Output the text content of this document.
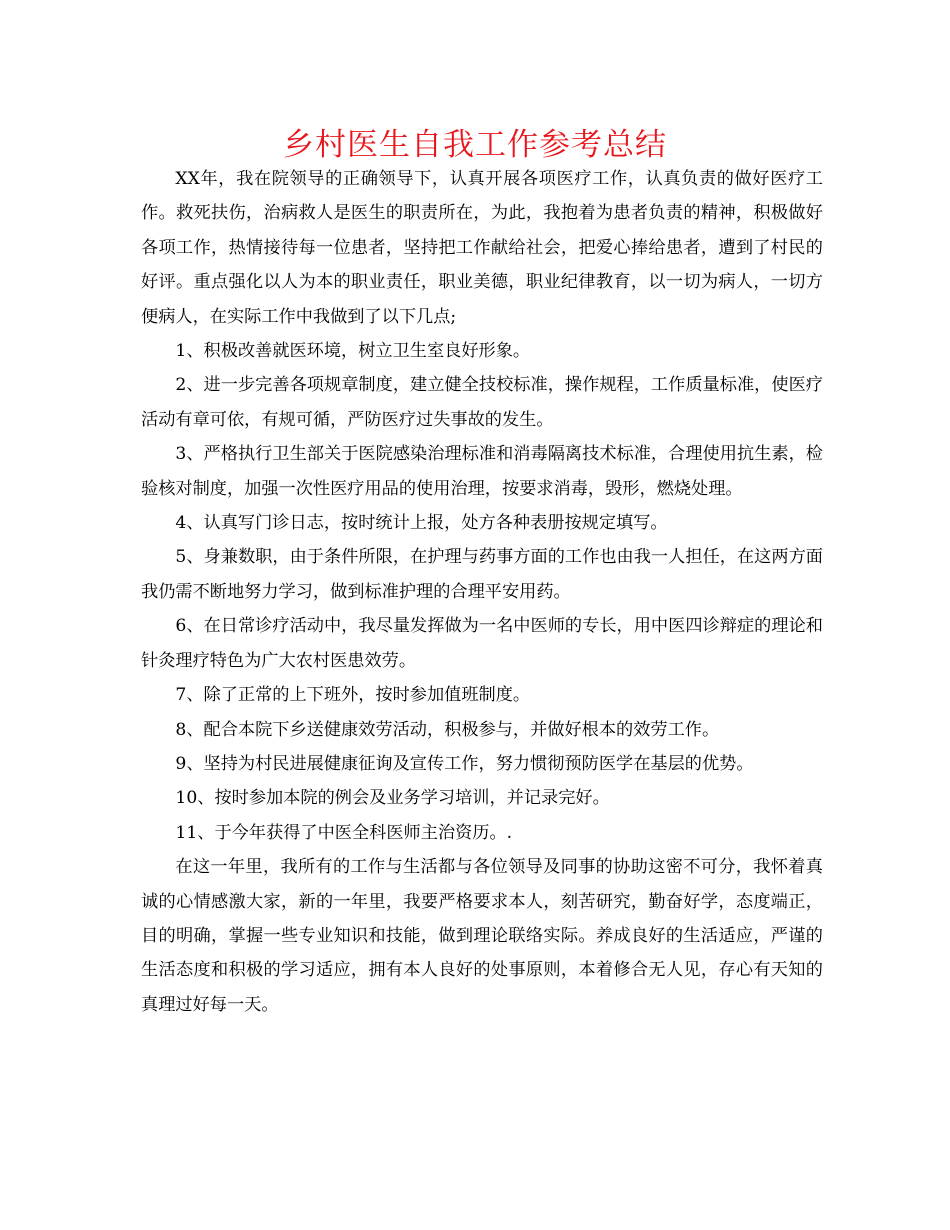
乡村医生自我工作参考总结

XX年，我在院领导的正确领导下，认真开展各项医疗工作，认真负责的做好医疗工作。救死扶伤，治病救人是医生的职责所在，为此，我抱着为患者负责的精神，积极做好各项工作，热情接待每一位患者，坚持把工作献给社会，把爱心捧给患者，遭到了村民的好评。重点强化以人为本的职业责任，职业美德，职业纪律教育，以一切为病人，一切方便病人，在实际工作中我做到了以下几点;

1、积极改善就医环境，树立卫生室良好形象。

2、进一步完善各项规章制度，建立健全技校标准，操作规程，工作质量标准，使医疗活动有章可依，有规可循，严防医疗过失事故的发生。

3、严格执行卫生部关于医院感染治理标准和消毒隔离技术标准，合理使用抗生素，检验核对制度，加强一次性医疗用品的使用治理，按要求消毒，毁形，燃烧处理。

4、认真写门诊日志，按时统计上报，处方各种表册按规定填写。

5、身兼数职，由于条件所限，在护理与药事方面的工作也由我一人担任，在这两方面我仍需不断地努力学习，做到标准护理的合理平安用药。

6、在日常诊疗活动中，我尽量发挥做为一名中医师的专长，用中医四诊辩症的理论和针灸理疗特色为广大农村医患效劳。

7、除了正常的上下班外，按时参加值班制度。

8、配合本院下乡送健康效劳活动，积极参与，并做好根本的效劳工作。

9、坚持为村民进展健康征询及宣传工作，努力惯彻预防医学在基层的优势。

10、按时参加本院的例会及业务学习培训，并记录完好。

11、于今年获得了中医全科医师主治资历。.

在这一年里，我所有的工作与生活都与各位领导及同事的协助这密不可分，我怀着真诚的心情感激大家，新的一年里，我要严格要求本人，刻苦研究，勤奋好学，态度端正，目的明确，掌握一些专业知识和技能，做到理论联络实际。养成良好的生活适应，严谨的生活态度和积极的学习适应，拥有本人良好的处事原则，本着修合无人见，存心有天知的真理过好每一天。
